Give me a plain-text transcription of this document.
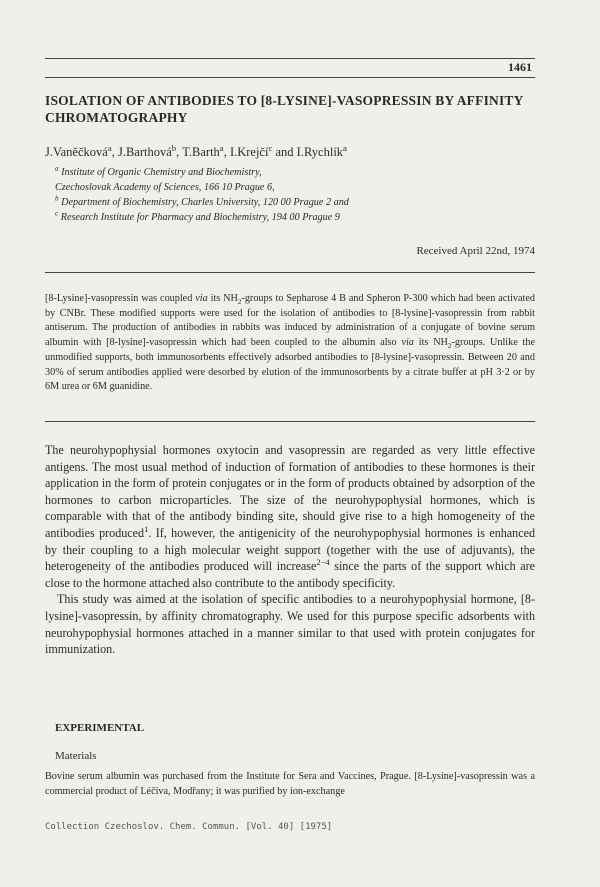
1461
ISOLATION OF ANTIBODIES TO [8-LYSINE]-VASOPRESSIN BY AFFINITY CHROMATOGRAPHY
J.Vaněčková$^a$, J.Barthová$^b$, T.Barth$^a$, I.Krejčí$^c$ and I.Rychlík$^a$
$^a$ Institute of Organic Chemistry and Biochemistry,
Czechoslovak Academy of Sciences, 166 10 Prague 6,
$^b$ Department of Biochemistry, Charles University, 120 00 Prague 2 and
$^c$ Research Institute for Pharmacy and Biochemistry, 194 00 Prague 9
Received April 22nd, 1974
[8-Lysine]-vasopressin was coupled via its $NH_2$-groups to Sepharose 4 B and Spheron P-300 which had been activated by CNBr. These modified supports were used for the isolation of antibodies to [8-lysine]-vasopressin from rabbit antiserum. The production of antibodies in rabbits was induced by administration of a conjugate of bovine serum albumin with [8-lysine]-vasopressin which had been coupled to the albumin also via its $NH_2$-groups. Unlike the unmodified supports, both immunosorbents effectively adsorbed antibodies to [8-lysine]-vasopressin. Between 20 and 30% of serum antibodies applied were desorbed by elution of the immunosorbents by a citrate buffer at pH 3·2 or by 6M urea or 6M guanidine.

The neurohypophysial hormones oxytocin and vasopressin are regarded as very little effective antigens. The most usual method of induction of formation of antibodies to these hormones is their application in the form of protein conjugates or in the form of products obtained by adsorption of the hormones to carbon microparticles. The size of the neurohypophysial hormones, which is comparable with that of the antibody binding site, should give rise to a high homogeneity of the antibodies produced$^1$. If, however, the antigenicity of the neurohypophysial hormones is enhanced by their coupling to a high molecular weight support (together with the use of adjuvants), the heterogeneity of the antibodies produced will increase$^{2-4}$ since the parts of the support which are close to the hormone attached also contribute to the antibody specificity.

This study was aimed at the isolation of specific antibodies to a neurohypophysial hormone, [8-lysine]-vasopressin, by affinity chromatography. We used for this purpose specific adsorbents with neurohypophysial hormones attached in a manner similar to that used with protein conjugates for immunization.

EXPERIMENTAL
Materials
Bovine serum albumin was purchased from the Institute for Sera and Vaccines, Prague. [8-Lysine]-vasopressin was a commercial product of Léčiva, Modřany; it was purified by ion-exchange
Collection Czechoslov. Chem. Commun. [Vol. 40] [1975]
